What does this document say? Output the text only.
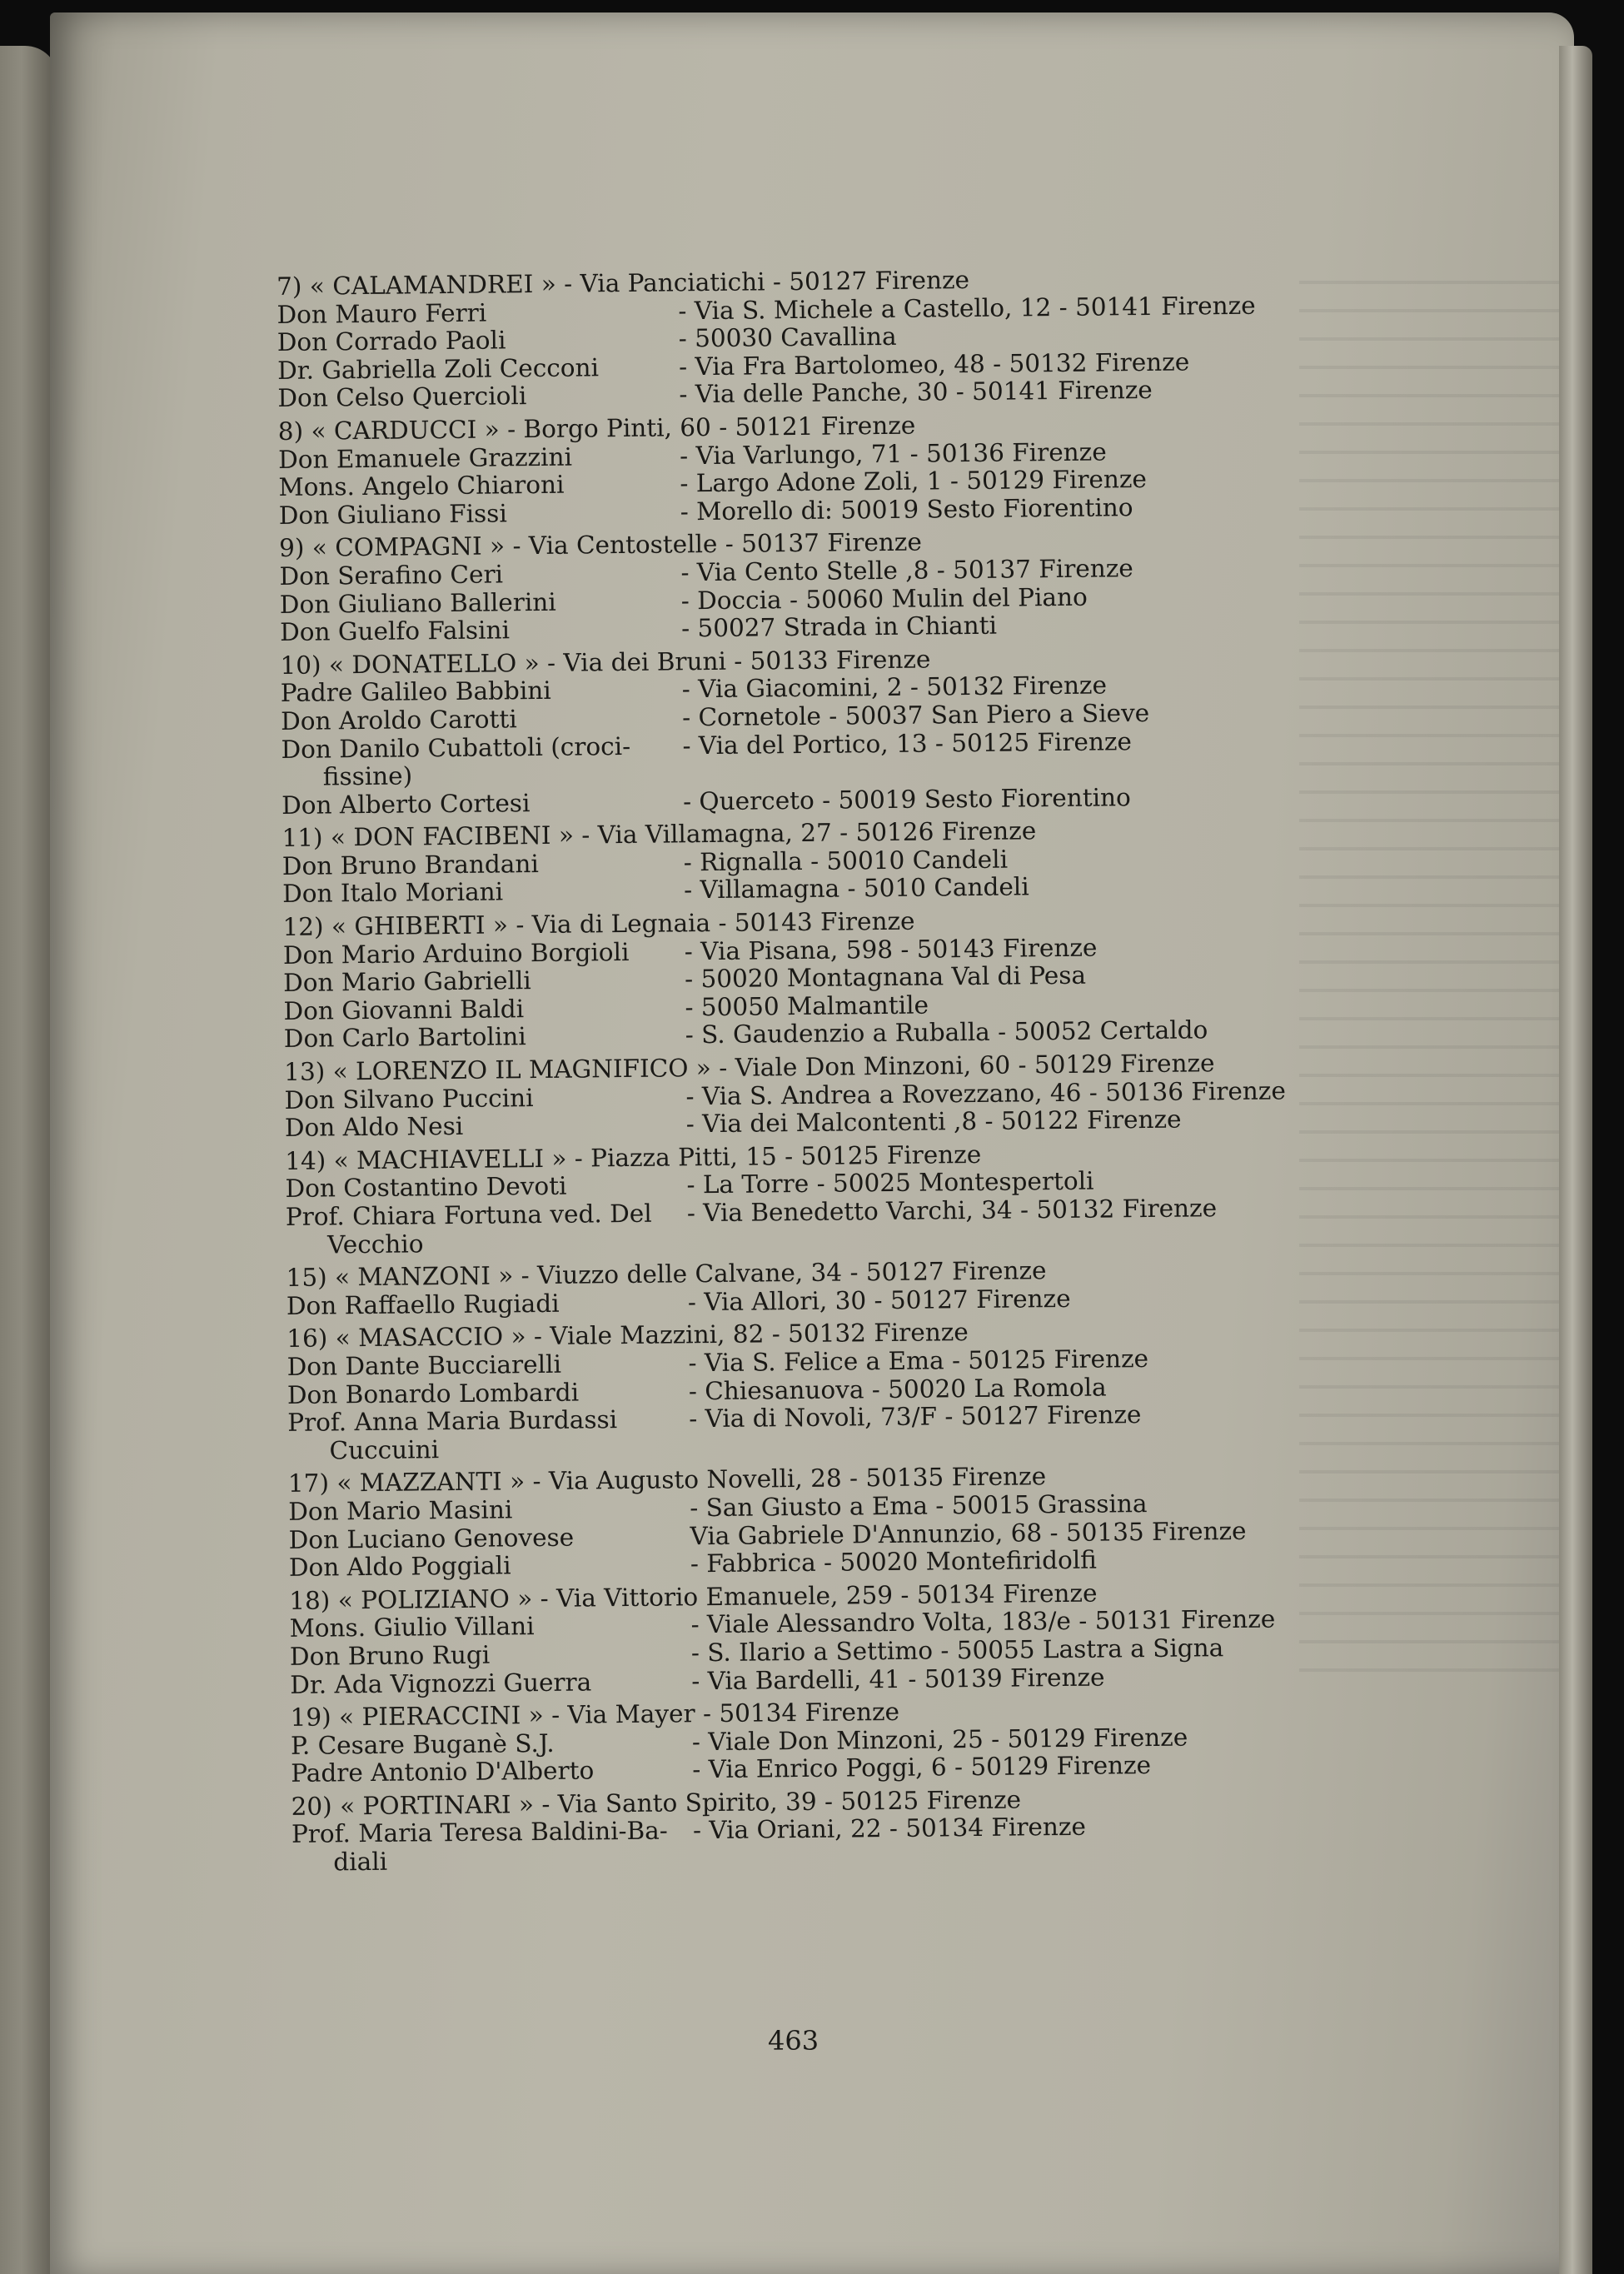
7) « CALAMANDREI » - Via Panciatichi - 50127 Firenze
Don Mauro Ferri	- Via S. Michele a Castello, 12 - 50141 Firenze
Don Corrado Paoli	- 50030 Cavallina
Dr. Gabriella Zoli Cecconi	- Via Fra Bartolomeo, 48 - 50132 Firenze
Don Celso Quercioli	- Via delle Panche, 30 - 50141 Firenze
8) « CARDUCCI » - Borgo Pinti, 60 - 50121 Firenze
Don Emanuele Grazzini	- Via Varlungo, 71 - 50136 Firenze
Mons. Angelo Chiaroni	- Largo Adone Zoli, 1 - 50129 Firenze
Don Giuliano Fissi	- Morello di: 50019 Sesto Fiorentino
9) « COMPAGNI » - Via Centostelle - 50137 Firenze
Don Serafino Ceri	- Via Cento Stelle ,8 - 50137 Firenze
Don Giuliano Ballerini	- Doccia - 50060 Mulin del Piano
Don Guelfo Falsini	- 50027 Strada in Chianti
10) « DONATELLO » - Via dei Bruni - 50133 Firenze
Padre Galileo Babbini	- Via Giacomini, 2 - 50132 Firenze
Don Aroldo Carotti	- Cornetole - 50037 San Piero a Sieve
Don Danilo Cubattoli (croci-	- Via del Portico, 13 - 50125 Firenze
fissine)
Don Alberto Cortesi	- Querceto - 50019 Sesto Fiorentino
11) « DON FACIBENI » - Via Villamagna, 27 - 50126 Firenze
Don Bruno Brandani	- Rignalla - 50010 Candeli
Don Italo Moriani	- Villamagna - 5010 Candeli
12) « GHIBERTI » - Via di Legnaia - 50143 Firenze
Don Mario Arduino Borgioli	- Via Pisana, 598 - 50143 Firenze
Don Mario Gabrielli	- 50020 Montagnana Val di Pesa
Don Giovanni Baldi	- 50050 Malmantile
Don Carlo Bartolini	- S. Gaudenzio a Ruballa - 50052 Certaldo
13) « LORENZO IL MAGNIFICO » - Viale Don Minzoni, 60 - 50129 Firenze
Don Silvano Puccini	- Via S. Andrea a Rovezzano, 46 - 50136 Firenze
Don Aldo Nesi	- Via dei Malcontenti ,8 - 50122 Firenze
14) « MACHIAVELLI » - Piazza Pitti, 15 - 50125 Firenze
Don Costantino Devoti	- La Torre - 50025 Montespertoli
Prof. Chiara Fortuna ved. Del	- Via Benedetto Varchi, 34 - 50132 Firenze
Vecchio
15) « MANZONI » - Viuzzo delle Calvane, 34 - 50127 Firenze
Don Raffaello Rugiadi	- Via Allori, 30 - 50127 Firenze
16) « MASACCIO » - Viale Mazzini, 82 - 50132 Firenze
Don Dante Bucciarelli	- Via S. Felice a Ema - 50125 Firenze
Don Bonardo Lombardi	- Chiesanuova - 50020 La Romola
Prof. Anna Maria Burdassi	- Via di Novoli, 73/F - 50127 Firenze
Cuccuini
17) « MAZZANTI » - Via Augusto Novelli, 28 - 50135 Firenze
Don Mario Masini	- San Giusto a Ema - 50015 Grassina
Don Luciano Genovese	Via Gabriele D'Annunzio, 68 - 50135 Firenze
Don Aldo Poggiali	- Fabbrica - 50020 Montefiridolfi
18) « POLIZIANO » - Via Vittorio Emanuele, 259 - 50134 Firenze
Mons. Giulio Villani	- Viale Alessandro Volta, 183/e - 50131 Firenze
Don Bruno Rugi	- S. Ilario a Settimo - 50055 Lastra a Signa
Dr. Ada Vignozzi Guerra	- Via Bardelli, 41 - 50139 Firenze
19) « PIERACCINI » - Via Mayer - 50134 Firenze
P. Cesare Buganè S.J.	- Viale Don Minzoni, 25 - 50129 Firenze
Padre Antonio D'Alberto	- Via Enrico Poggi, 6 - 50129 Firenze
20) « PORTINARI » - Via Santo Spirito, 39 - 50125 Firenze
Prof. Maria Teresa Baldini-Ba-	- Via Oriani, 22 - 50134 Firenze
diali
463
